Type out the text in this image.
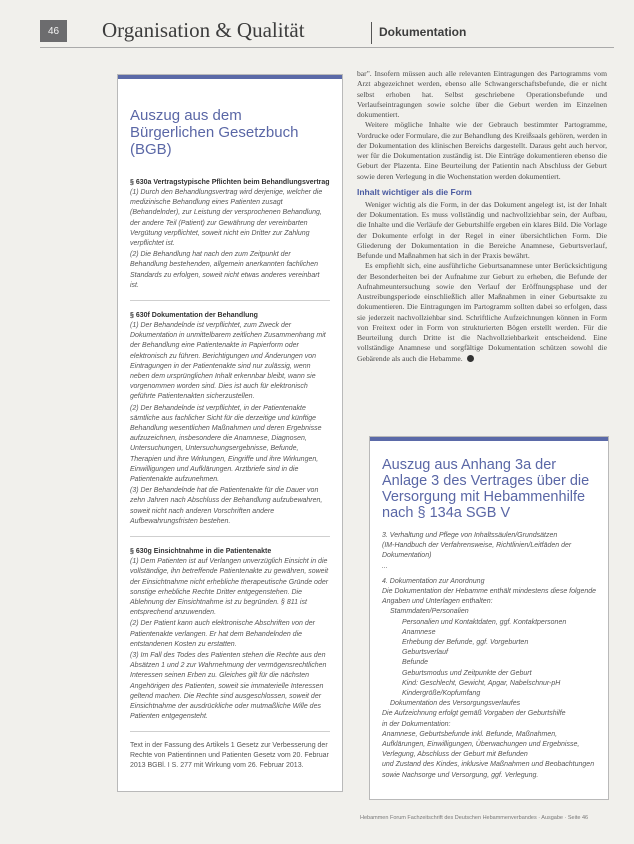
46	Organisation & Qualität	Dokumentation
Auszug aus dem Bürgerlichen Gesetzbuch (BGB)
§ 630a Vertragstypische Pflichten beim Behandlungsvertrag
(1) Durch den Behandlungsvertrag wird derjenige, welcher die medizinische Behandlung eines Patienten zusagt (Behandelnder), zur Leistung der versprochenen Behandlung, der andere Teil (Patient) zur Gewährung der vereinbarten Vergütung verpflichtet, soweit nicht ein Dritter zur Zahlung verpflichtet ist.
(2) Die Behandlung hat nach den zum Zeitpunkt der Behandlung bestehenden, allgemein anerkannten fachlichen Standards zu erfolgen, soweit nicht etwas anderes vereinbart ist.
§ 630f Dokumentation der Behandlung
(1) Der Behandelnde ist verpflichtet, zum Zweck der Dokumentation in unmittelbarem zeitlichen Zusammenhang mit der Behandlung eine Patientenakte in Papierform oder elektronisch zu führen. Berichtigungen und Änderungen von Eintragungen in der Patientenakte sind nur zulässig, wenn neben dem ursprünglichen Inhalt erkennbar bleibt, wann sie vorgenommen worden sind. Dies ist auch für elektronisch geführte Patientenakten sicherzustellen.
(2) Der Behandelnde ist verpflichtet, in der Patientenakte sämtliche aus fachlicher Sicht für die derzeitige und künftige Behandlung wesentlichen Maßnahmen und deren Ergebnisse aufzuzeichnen, insbesondere die Anamnese, Diagnosen, Untersuchungen, Untersuchungsergebnisse, Befunde, Therapien und ihre Wirkungen, Eingriffe und ihre Wirkungen, Einwilligungen und Aufklärungen. Arztbriefe sind in die Patientenakte aufzunehmen.
(3) Der Behandelnde hat die Patientenakte für die Dauer von zehn Jahren nach Abschluss der Behandlung aufzubewahren, soweit nicht nach anderen Vorschriften andere Aufbewahrungsfristen bestehen.
§ 630g Einsichtnahme in die Patientenakte
(1) Dem Patienten ist auf Verlangen unverzüglich Einsicht in die vollständige, ihn betreffende Patientenakte zu gewähren, soweit der Einsichtnahme nicht erhebliche therapeutische Gründe oder sonstige erhebliche Rechte Dritter entgegenstehen. Die Ablehnung der Einsichtnahme ist zu begründen. § 811 ist entsprechend anzuwenden.
(2) Der Patient kann auch elektronische Abschriften von der Patientenakte verlangen. Er hat dem Behandelnden die entstandenen Kosten zu erstatten.
(3) Im Fall des Todes des Patienten stehen die Rechte aus den Absätzen 1 und 2 zur Wahrnehmung der vermögensrechtlichen Interessen seinen Erben zu. Gleiches gilt für die nächsten Angehörigen des Patienten, soweit sie immaterielle Interessen geltend machen. Die Rechte sind ausgeschlossen, soweit der Einsichtnahme der ausdrückliche oder mutmaßliche Wille des Patienten entgegensteht.
Text in der Fassung des Artikels 1 Gesetz zur Verbesserung der Rechte von Patientinnen und Patienten Gesetz vom 20. Februar 2013 BGBl. I S. 277 mit Wirkung vom 26. Februar 2013.

bar". Insofern müssen auch alle relevanten Eintragungen des Partogramms vom Arzt abgezeichnet werden, ebenso alle Schwangerschaftsbefunde, die er nicht selbst erhoben hat. Selbst geschriebene Operationsbefunde und Verlaufseintragungen sowie solche über die Geburt werden im Einzelnen dokumentiert.

Weitere mögliche Inhalte wie der Gebrauch bestimmter Partogramme, Vordrucke oder Formulare, die zur Behandlung des Kreißsaals gehören, werden in der Dokumentation des klinischen Bereichs dargestellt. Daraus geht auch hervor, wer für die Dokumentation zuständig ist. Die Einträge dokumentieren ebenso die Geburt der Plazenta. Eine Beurteilung der Patientin nach Abschluss der Geburt sowie deren Verlegung in die Wochenstation werden dokumentiert.

Inhalt wichtiger als die Form

Weniger wichtig als die Form, in der das Dokument angelegt ist, ist der Inhalt der Dokumentation. Es muss vollständig und nachvollziehbar sein, der Aufbau, die Inhalte und die Verläufe der Geburtshilfe ergeben ein klares Bild. Die Vorlage der Dokumente erfolgt in der Regel in einer übersichtlichen Form. Die Gliederung der Dokumentation in die Bereiche Anamnese, Geburtsverlauf, Befunde und Maßnahmen hat sich in der Praxis bewährt.

Es empfiehlt sich, eine ausführliche Geburtsanamnese unter Berücksichtigung der Besonderheiten bei der Aufnahme zur Geburt zu erheben, die Befunde der Aufnahmeuntersuchung sowie den Verlauf der Eröffnungsphase und der Austreibungsperiode einschließlich aller Maßnahmen in einer Geburtsakte zu dokumentieren. Die Eintragungen im Partogramm sollten dabei so erfolgen, dass sie jederzeit nachvollziehbar sind. Schriftliche Aufzeichnungen können in Form von Freitext oder in Form von strukturierten Bögen erstellt werden. Für die Beurteilung durch Dritte ist die Nachvollziehbarkeit entscheidend. Eine vollständige Anamnese und sorgfältige Dokumentation schützen sowohl die Gebärende als auch die Hebamme.

Auszug aus Anhang 3a der Anlage 3 des Vertrages über die Versorgung mit Hebammenhilfe nach § 134a SGB V
3. Verhaltung und Pflege von Inhaltssäulen/Grundsätzen
(IM-Handbuch der Verfahrensweise, Richtlinien/Leitfäden der Dokumentation)
...
4. Dokumentation zur Anordnung
Die Dokumentation der Hebamme enthält mindestens diese folgende Angaben und Unterlagen enthalten:
Stammdaten/Personalien
Personalien und Kontaktdaten, ggf. Kontaktpersonen
Anamnese
Erhebung der Befunde, ggf. Vorgeburten
Geburtsverlauf
Befunde
Geburtsmodus und Zeitpunkte der Geburt
Kind: Geschlecht, Gewicht, Apgar, Nabelschnur-pH
Kindergröße/Kopfumfang
Dokumentation des Versorgungsverlaufes
Die Aufzeichnung erfolgt gemäß Vorgaben der Geburtshilfe
in der Dokumentation:
Anamnese, Geburtsbefunde inkl. Befunde, Maßnahmen,
Aufklärungen, Einwilligungen, Überwachungen und Ergebnisse, Verlegung, Abschluss der Geburt mit Befunden
und Zustand des Kindes, inklusive Maßnahmen und Beobachtungen sowie Nachsorge und Versorgung, ggf. Verlegung.
Hebammen Forum Fachzeitschrift des Deutschen Hebammenverbandes · Ausgabe · Seite 46
